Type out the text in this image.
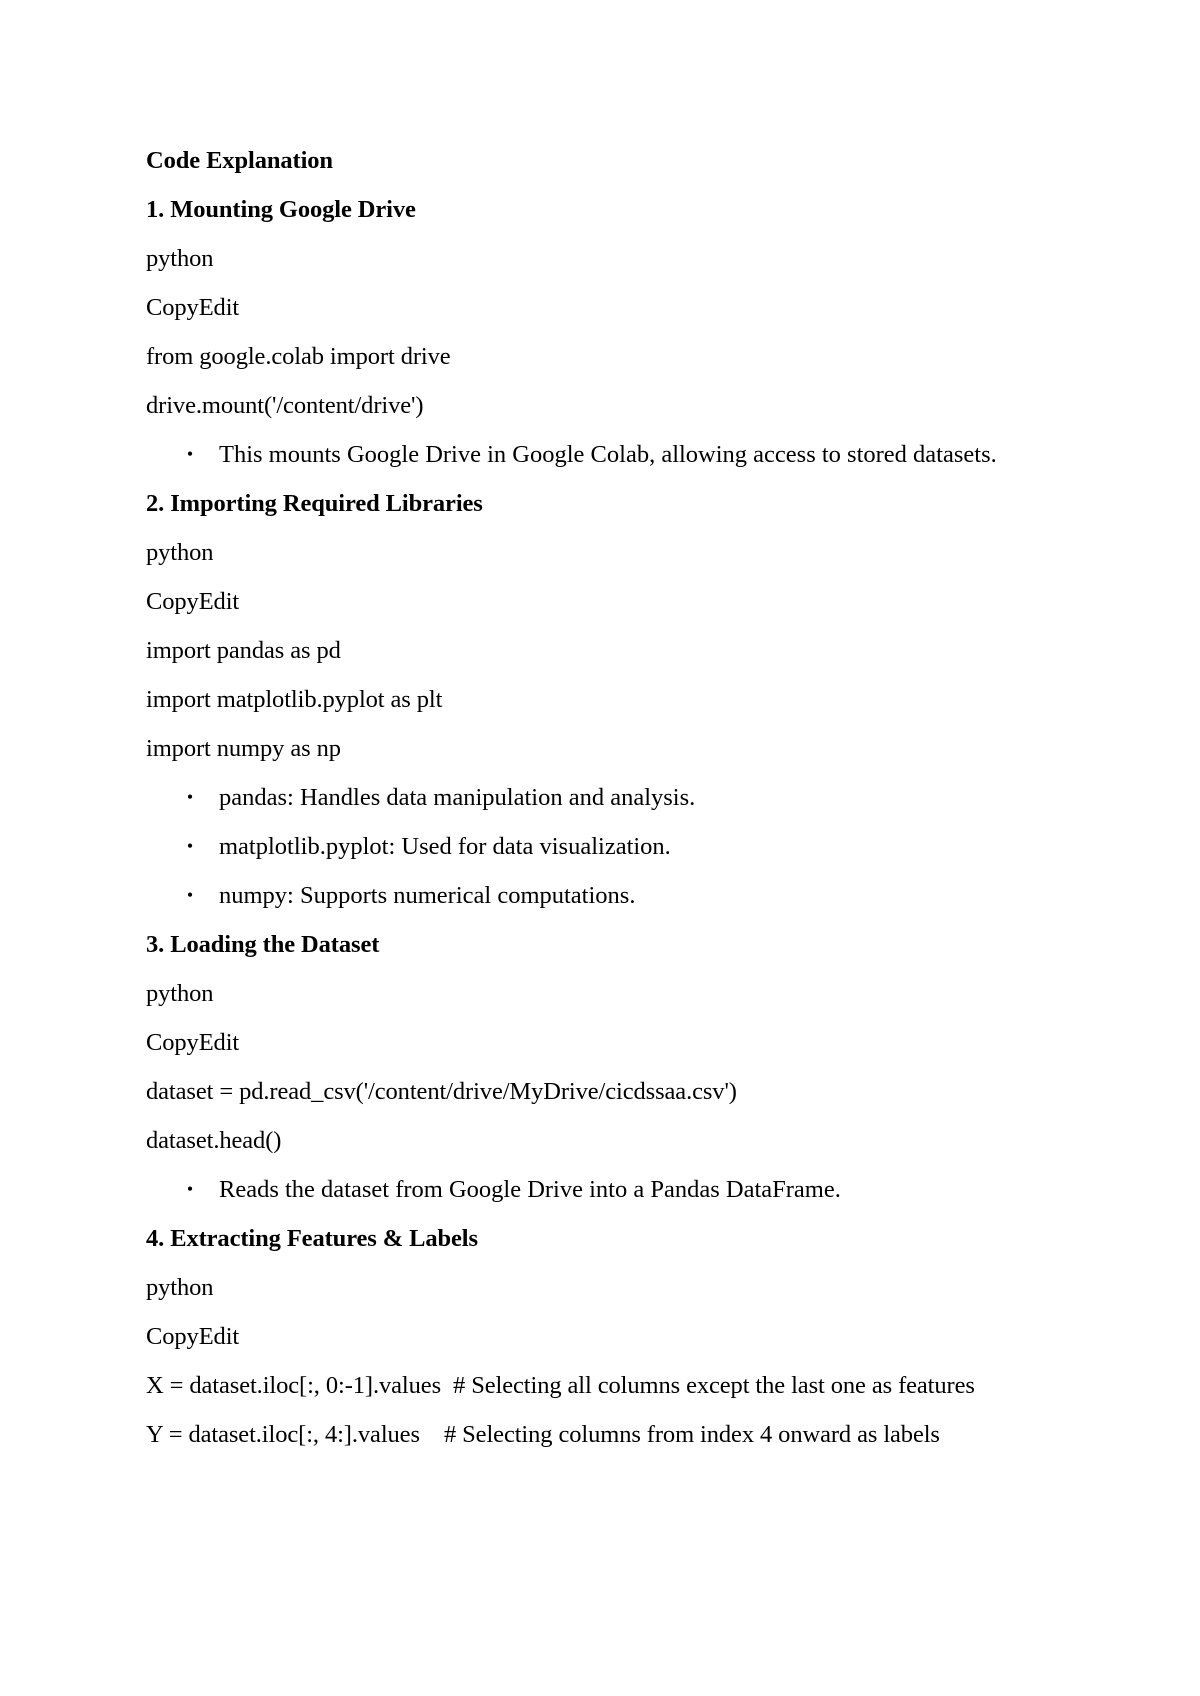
Code Explanation

1. Mounting Google Drive

python

CopyEdit

from google.colab import drive

drive.mount('/content/drive')

• This mounts Google Drive in Google Colab, allowing access to stored datasets.

2. Importing Required Libraries

python

CopyEdit

import pandas as pd

import matplotlib.pyplot as plt

import numpy as np

• pandas: Handles data manipulation and analysis.
• matplotlib.pyplot: Used for data visualization.
• numpy: Supports numerical computations.

3. Loading the Dataset

python

CopyEdit

dataset = pd.read_csv('/content/drive/MyDrive/cicdssaa.csv')

dataset.head()

• Reads the dataset from Google Drive into a Pandas DataFrame.

4. Extracting Features & Labels

python

CopyEdit

X = dataset.iloc[:, 0:-1].values  # Selecting all columns except the last one as features

Y = dataset.iloc[:, 4:].values    # Selecting columns from index 4 onward as labels
